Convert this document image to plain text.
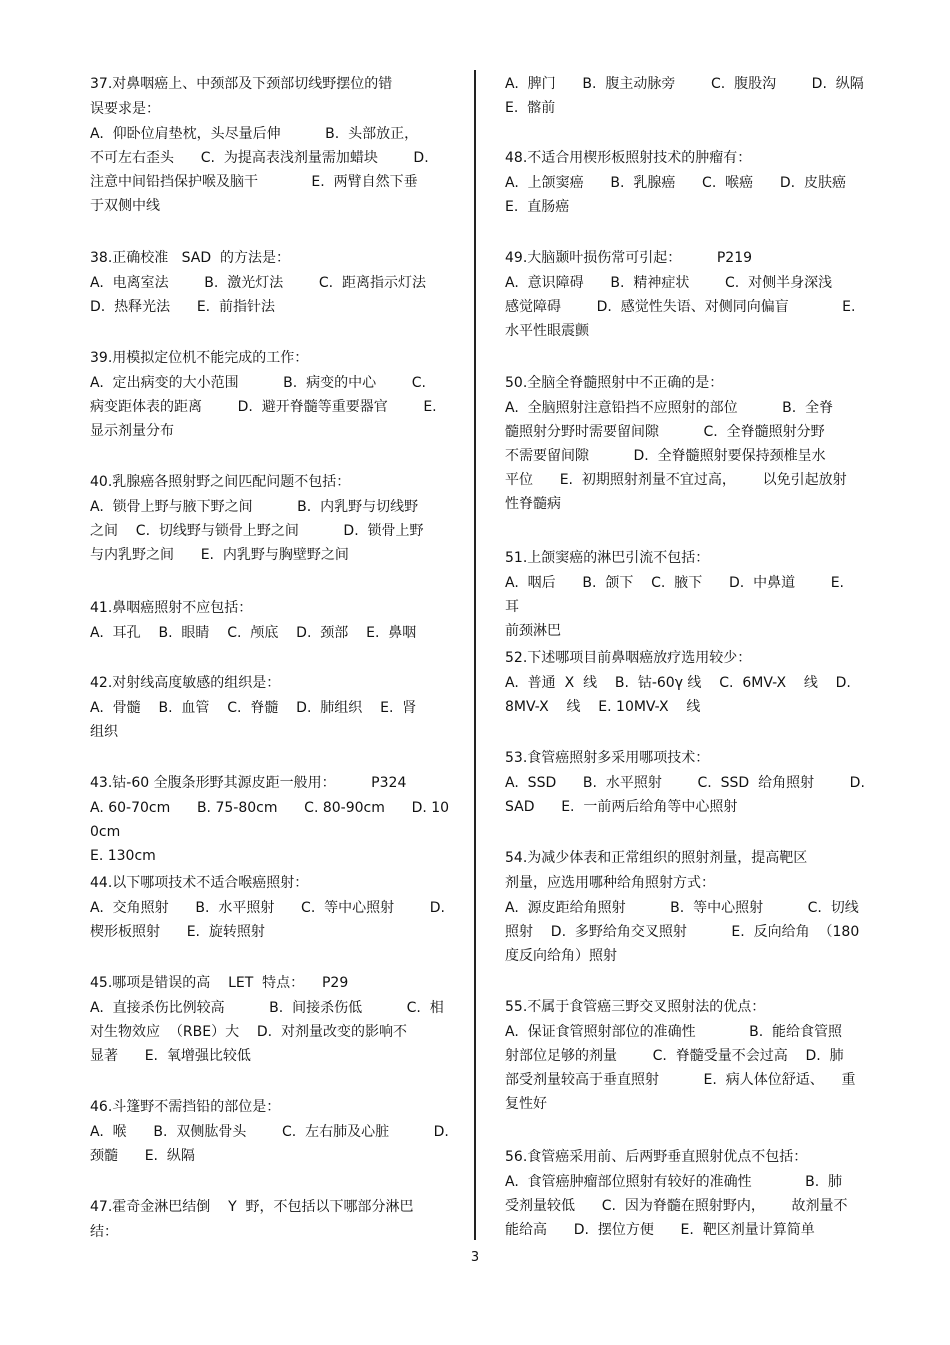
37.对鼻咽癌上、中颈部及下颈部切线野摆位的错

误要求是：

A.  仰卧位肩垫枕，头尽量后伸          B.  头部放正，

不可左右歪头      C.  为提高表浅剂量需加蜡块        D.

注意中间铅挡保护喉及脑干            E.  两臂自然下垂

于双侧中线

38.正确校准   SAD  的方法是：

A.  电离室法        B.  激光灯法        C.  距离指示灯法

D.  热释光法      E.  前指针法

39.用模拟定位机不能完成的工作：

A.  定出病变的大小范围          B.  病变的中心        C.

病变距体表的距离        D.  避开脊髓等重要器官        E.

显示剂量分布

40.乳腺癌各照射野之间匹配问题不包括：

A.  锁骨上野与腋下野之间          B.  内乳野与切线野

之间    C.  切线野与锁骨上野之间          D.  锁骨上野

与内乳野之间      E.  内乳野与胸壁野之间

41.鼻咽癌照射不应包括：

A.  耳孔    B.  眼睛    C.  颅底    D.  颈部    E.  鼻咽

42.对射线高度敏感的组织是：

A.  骨髓    B.  血管    C.  脊髓    D.  肺组织    E.  肾

组织

43.钴-60 全腹条形野其源皮距一般用：        P324

A. 60-70cm      B. 75-80cm      C. 80-90cm      D. 100cm

E. 130cm

44.以下哪项技术不适合喉癌照射：

A.  交角照射      B.  水平照射      C.  等中心照射        D.

楔形板照射      E.  旋转照射

45.哪项是错误的高    LET  特点：    P29

A.  直接杀伤比例较高          B.  间接杀伤低          C.  相

对生物效应  （RBE）大    D.  对剂量改变的影响不

显著      E.  氧增强比较低

46.斗篷野不需挡铅的部位是：

A.  喉      B.  双侧肱骨头        C.  左右肺及心脏          D.

颈髓      E.  纵隔

47.霍奇金淋巴结倒    Y  野，不包括以下哪部分淋巴

结：

A.  脾门      B.  腹主动脉旁        C.  腹股沟        D.  纵隔

E.  髂前

48.不适合用楔形板照射技术的肿瘤有：

A.  上颌窦癌      B.  乳腺癌      C.  喉癌      D.  皮肤癌

E.  直肠癌

49.大脑颞叶损伤常可引起：        P219

A.  意识障碍      B.  精神症状        C.  对侧半身深浅

感觉障碍        D.  感觉性失语、对侧同向偏盲            E.

水平性眼震颤

50.全脑全脊髓照射中不正确的是：

A.  全脑照射注意铅挡不应照射的部位          B.  全脊

髓照射分野时需要留间隙          C.  全脊髓照射分野

不需要留间隙          D.  全脊髓照射要保持颈椎呈水

平位      E.  初期照射剂量不宜过高，      以免引起放射

性脊髓病

51.上颌窦癌的淋巴引流不包括：

A.  咽后      B.  颌下    C.  腋下      D.  中鼻道        E.  耳

前颈淋巴

52.下述哪项目前鼻咽癌放疗选用较少：

A.  普通  X  线    B.  钴-60γ 线    C.  6MV-X    线    D.

8MV-X    线    E. 10MV-X    线

53.食管癌照射多采用哪项技术：

A.  SSD      B.  水平照射        C.  SSD  给角照射        D.

SAD      E.  一前两后给角等中心照射

54.为减少体表和正常组织的照射剂量，提高靶区

剂量，应选用哪种给角照射方式：

A.  源皮距给角照射          B.  等中心照射          C.  切线

照射    D.  多野给角交叉照射          E.  反向给角  （180

度反向给角）照射

55.不属于食管癌三野交叉照射法的优点：

A.  保证食管照射部位的准确性            B.  能给食管照

射部位足够的剂量        C.  脊髓受量不会过高    D.  肺

部受剂量较高于垂直照射          E.  病人体位舒适、    重

复性好

56.食管癌采用前、后两野垂直照射优点不包括：

A.  食管癌肿瘤部位照射有较好的准确性            B.  肺

受剂量较低      C.  因为脊髓在照射野内，      故剂量不

能给高      D.  摆位方便      E.  靶区剂量计算简单

3
